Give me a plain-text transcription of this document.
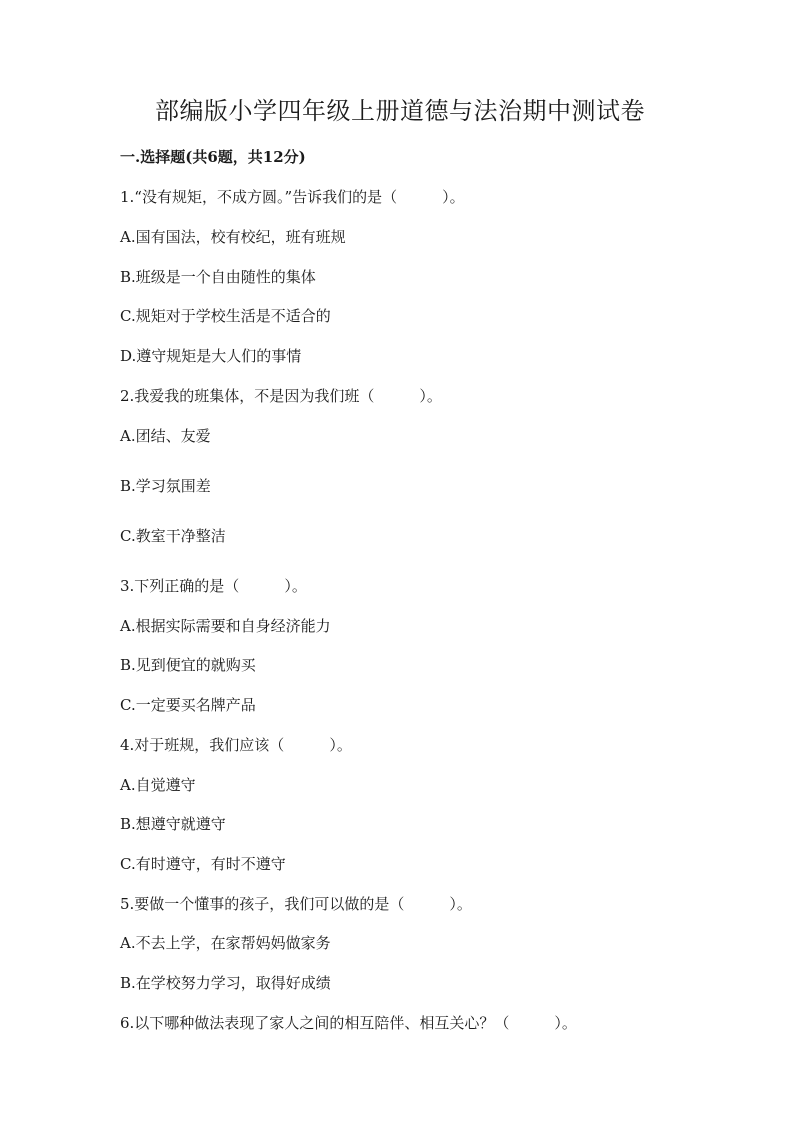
部编版小学四年级上册道德与法治期中测试卷
一.选择题(共6题，共12分)
1.“没有规矩，不成方圆。”告诉我们的是（　　　）。
A.国有国法，校有校纪，班有班规
B.班级是一个自由随性的集体
C.规矩对于学校生活是不适合的
D.遵守规矩是大人们的事情
2.我爱我的班集体，不是因为我们班（　　　）。
A.团结、友爱
B.学习氛围差
C.教室干净整洁
3.下列正确的是（　　　）。
A.根据实际需要和自身经济能力
B.见到便宜的就购买
C.一定要买名牌产品
4.对于班规，我们应该（　　　）。
A.自觉遵守
B.想遵守就遵守
C.有时遵守，有时不遵守
5.要做一个懂事的孩子，我们可以做的是（　　　）。
A.不去上学，在家帮妈妈做家务
B.在学校努力学习，取得好成绩
6.以下哪种做法表现了家人之间的相互陪伴、相互关心？（　　　）。
